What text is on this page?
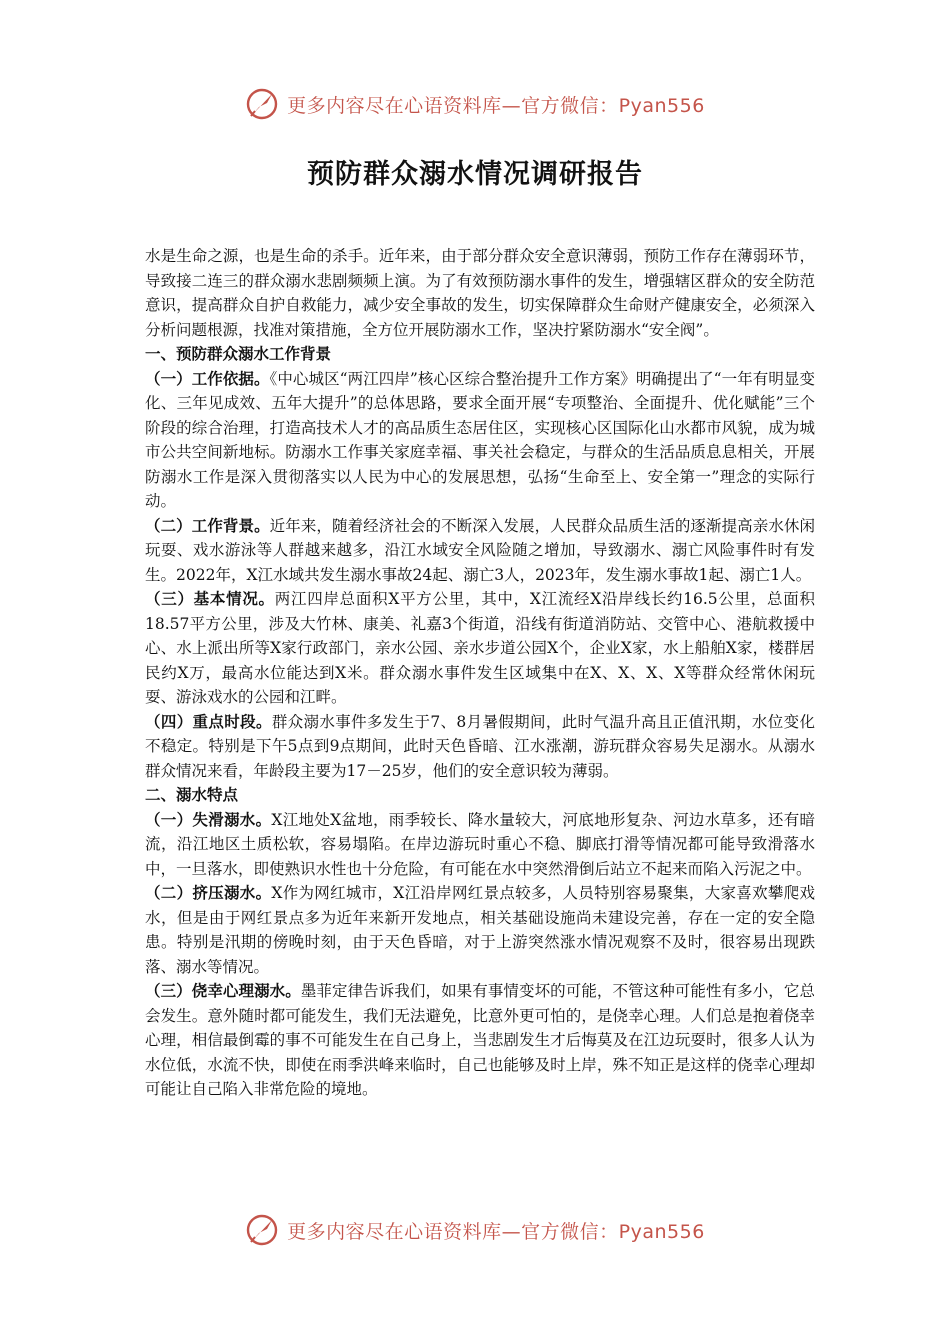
更多内容尽在心语资料库—官方微信：Pyan556
预防群众溺水情况调研报告

水是生命之源，也是生命的杀手。近年来，由于部分群众安全意识薄弱，预防工作存在薄弱环节，导致接二连三的群众溺水悲剧频频上演。为了有效预防溺水事件的发生，增强辖区群众的安全防范意识，提高群众自护自救能力，减少安全事故的发生，切实保障群众生命财产健康安全，必须深入分析问题根源，找准对策措施，全方位开展防溺水工作，坚决拧紧防溺水“安全阀”。

一、预防群众溺水工作背景

（一）工作依据。《中心城区“两江四岸”核心区综合整治提升工作方案》明确提出了“一年有明显变化、三年见成效、五年大提升”的总体思路，要求全面开展“专项整治、全面提升、优化赋能”三个阶段的综合治理，打造高技术人才的高品质生态居住区，实现核心区国际化山水都市风貌，成为城市公共空间新地标。防溺水工作事关家庭幸福、事关社会稳定，与群众的生活品质息息相关，开展防溺水工作是深入贯彻落实以人民为中心的发展思想，弘扬“生命至上、安全第一”理念的实际行动。

（二）工作背景。近年来，随着经济社会的不断深入发展，人民群众品质生活的逐渐提高亲水休闲玩耍、戏水游泳等人群越来越多，沿江水域安全风险随之增加，导致溺水、溺亡风险事件时有发生。2022年，X江水域共发生溺水事故24起、溺亡3人，2023年，发生溺水事故1起、溺亡1人。

（三）基本情况。两江四岸总面积X平方公里，其中，X江流经X沿岸线长约16.5公里，总面积18.57平方公里，涉及大竹林、康美、礼嘉3个街道，沿线有街道消防站、交管中心、港航救援中心、水上派出所等X家行政部门，亲水公园、亲水步道公园X个，企业X家，水上船舶X家，楼群居民约X万，最高水位能达到X米。群众溺水事件发生区域集中在X、X、X、X等群众经常休闲玩耍、游泳戏水的公园和江畔。

（四）重点时段。群众溺水事件多发生于7、8月暑假期间，此时气温升高且正值汛期，水位变化不稳定。特别是下午5点到9点期间，此时天色昏暗、江水涨潮，游玩群众容易失足溺水。从溺水群众情况来看，年龄段主要为17－25岁，他们的安全意识较为薄弱。

二、溺水特点

（一）失滑溺水。X江地处X盆地，雨季较长、降水量较大，河底地形复杂、河边水草多，还有暗流，沿江地区土质松软，容易塌陷。在岸边游玩时重心不稳、脚底打滑等情况都可能导致滑落水中，一旦落水，即使熟识水性也十分危险，有可能在水中突然滑倒后站立不起来而陷入污泥之中。

（二）挤压溺水。X作为网红城市，X江沿岸网红景点较多，人员特别容易聚集，大家喜欢攀爬戏水，但是由于网红景点多为近年来新开发地点，相关基础设施尚未建设完善，存在一定的安全隐患。特别是汛期的傍晚时刻，由于天色昏暗，对于上游突然涨水情况观察不及时，很容易出现跌落、溺水等情况。

（三）侥幸心理溺水。墨菲定律告诉我们，如果有事情变坏的可能，不管这种可能性有多小，它总会发生。意外随时都可能发生，我们无法避免，比意外更可怕的，是侥幸心理。人们总是抱着侥幸心理，相信最倒霉的事不可能发生在自己身上，当悲剧发生才后悔莫及在江边玩耍时，很多人认为水位低，水流不快，即使在雨季洪峰来临时，自己也能够及时上岸，殊不知正是这样的侥幸心理却可能让自己陷入非常危险的境地。

更多内容尽在心语资料库—官方微信：Pyan556
